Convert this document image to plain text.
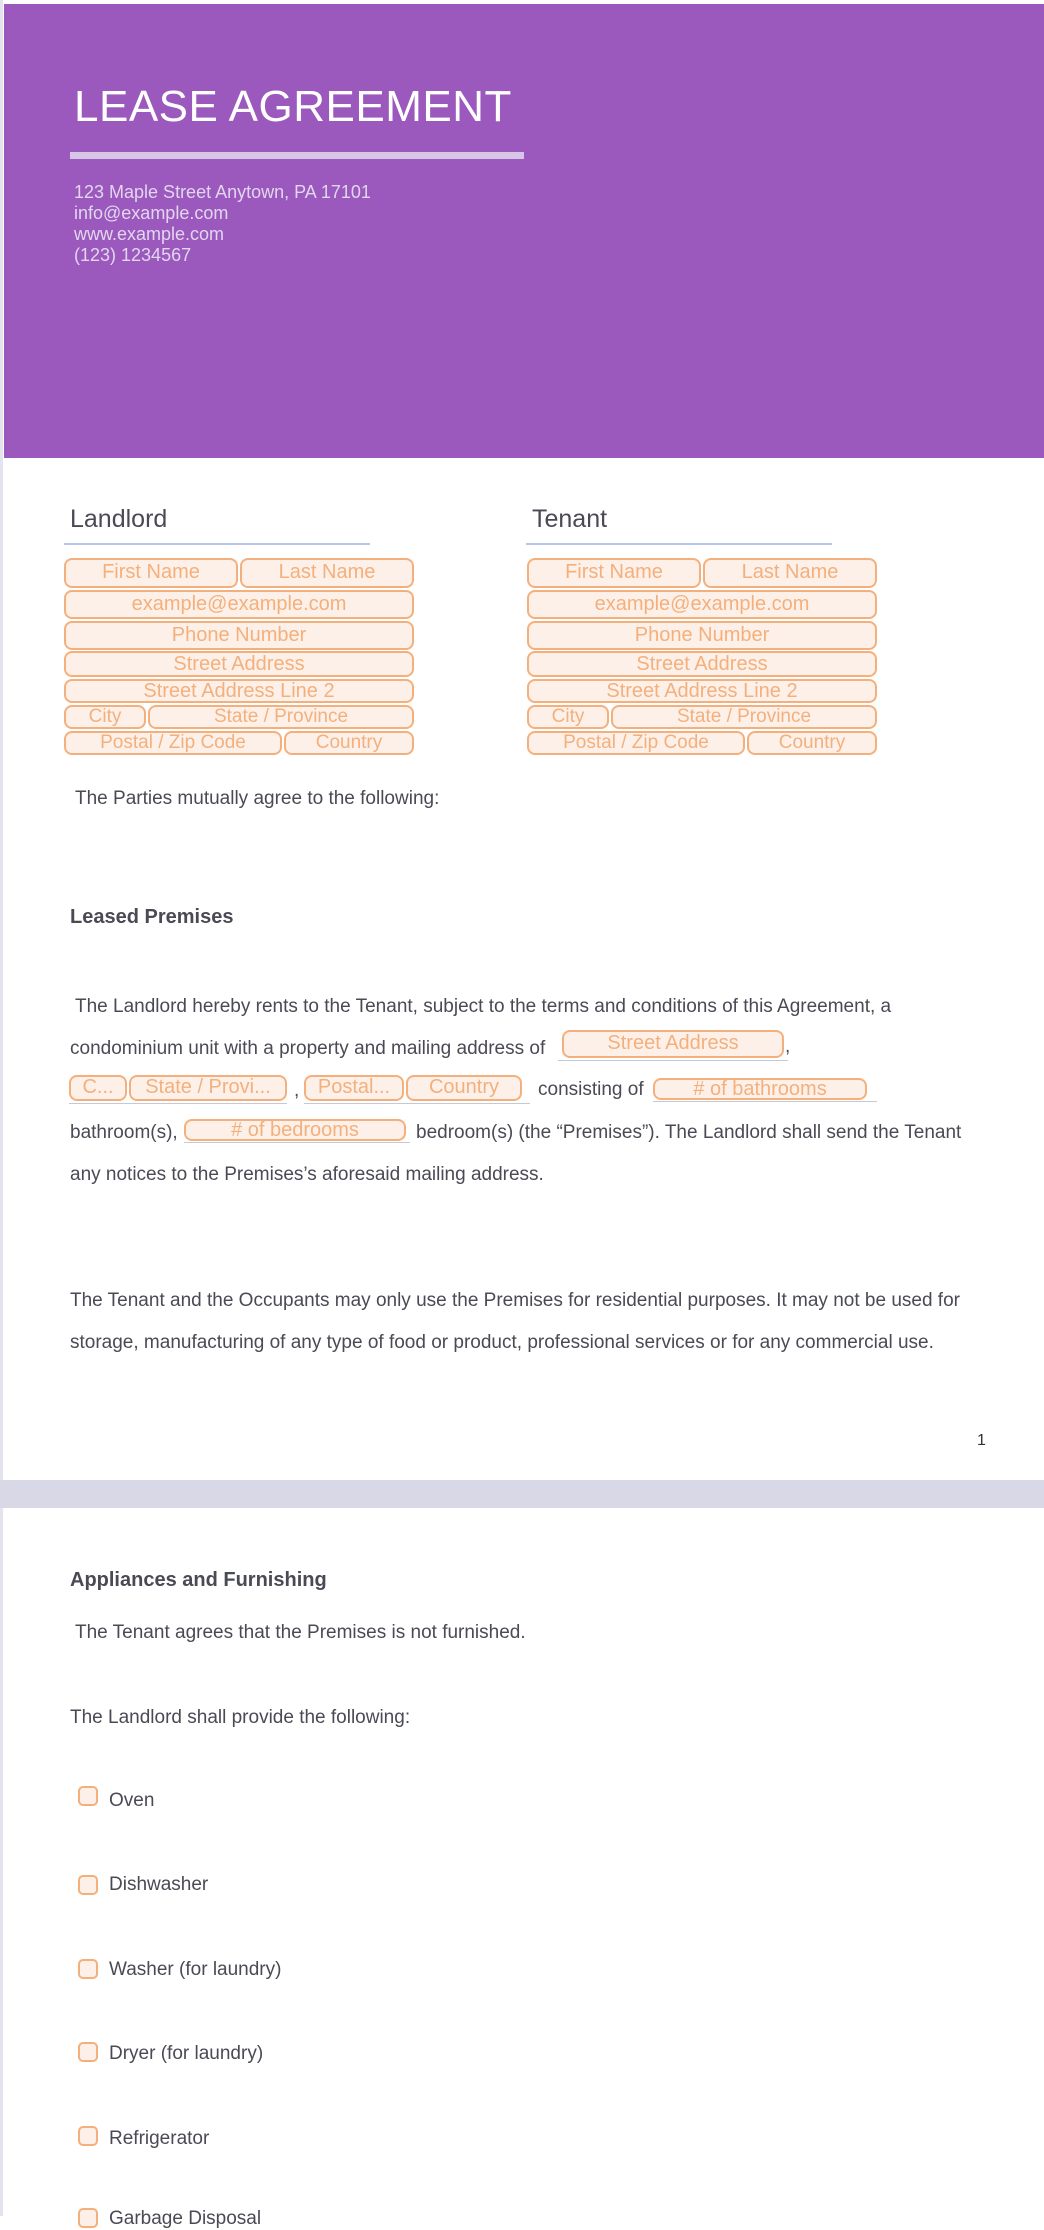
LEASE AGREEMENT
123 Maple Street Anytown, PA 17101
info@example.com
www.example.com
(123) 1234567
Landlord
First Name	Last Name
example@example.com
Phone Number
Street Address
Street Address Line 2
City	State / Province
Postal / Zip Code	Country
Tenant
First Name	Last Name
example@example.com
Phone Number
Street Address
Street Address Line 2
City	State / Province
Postal / Zip Code	Country
The Parties mutually agree to the following:
Leased Premises
The Landlord hereby rents to the Tenant, subject to the terms and conditions of this Agreement, a
condominium unit with a property and mailing address of	Street Address	,
C...	State / Provi...	, Postal...	Country	consisting of	# of bathrooms
bathroom(s),	# of bedrooms	bedroom(s) (the “Premises”). The Landlord shall send the Tenant
any notices to the Premises’s aforesaid mailing address.
The Tenant and the Occupants may only use the Premises for residential purposes. It may not be used for
storage, manufacturing of any type of food or product, professional services or for any commercial use.
1
Appliances and Furnishing
The Tenant agrees that the Premises is not furnished.
The Landlord shall provide the following:
Oven
Dishwasher
Washer (for laundry)
Dryer (for laundry)
Refrigerator
Garbage Disposal
